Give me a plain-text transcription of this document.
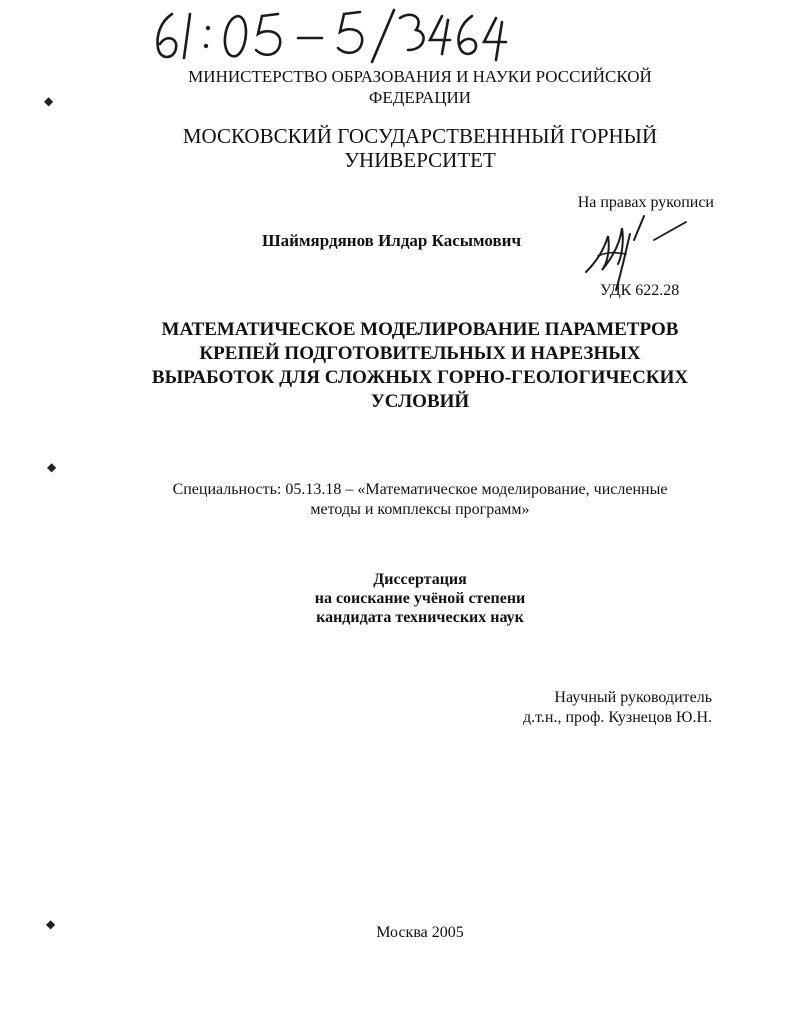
МИНИСТЕРСТВО ОБРАЗОВАНИЯ И НАУКИ РОССИЙСКОЙ
ФЕДЕРАЦИИ
МОСКОВСКИЙ ГОСУДАРСТВЕНННЫЙ ГОРНЫЙ
УНИВЕРСИТЕТ
На правах рукописи
Шаймярдянов Илдар Касымович
УДК 622.28
МАТЕМАТИЧЕСКОЕ МОДЕЛИРОВАНИЕ ПАРАМЕТРОВ
КРЕПЕЙ ПОДГОТОВИТЕЛЬНЫХ И НАРЕЗНЫХ
ВЫРАБОТОК ДЛЯ СЛОЖНЫХ ГОРНО-ГЕОЛОГИЧЕСКИХ
УСЛОВИЙ
Специальность: 05.13.18 – «Математическое моделирование, численные
методы и комплексы программ»
Диссертация
на соискание учёной степени
кандидата технических наук
Научный руководитель
д.т.н., проф. Кузнецов Ю.Н.
Москва 2005
◆
◆
◆
